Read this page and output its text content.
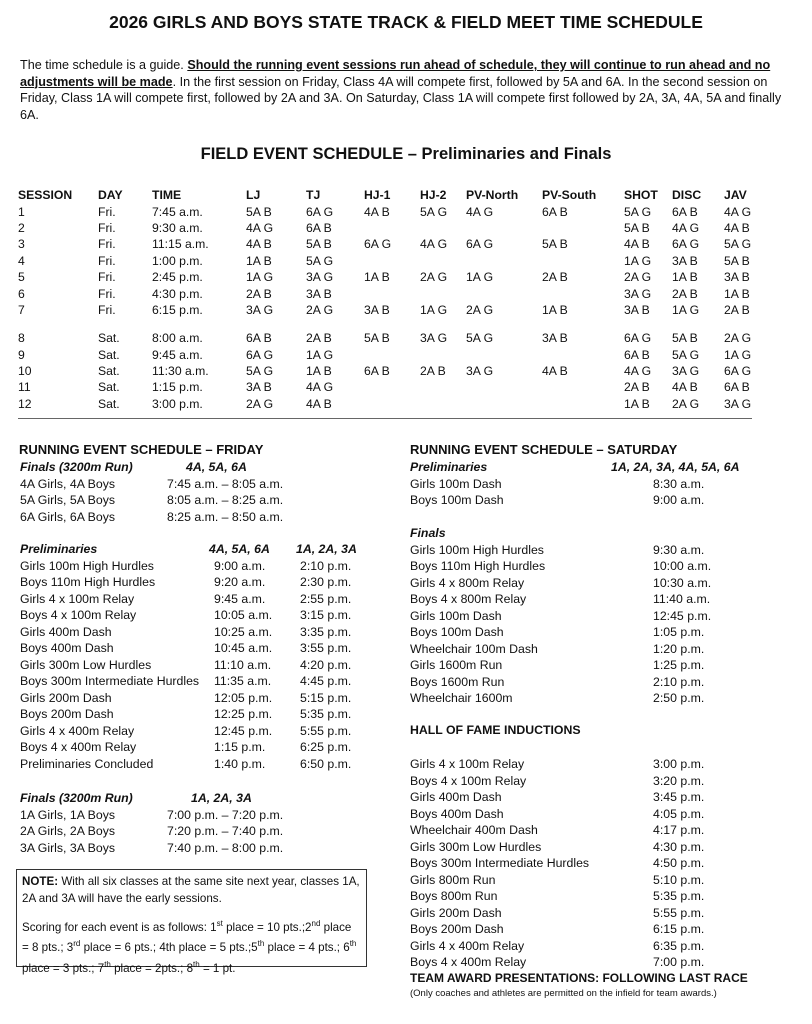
2026 GIRLS AND BOYS STATE TRACK & FIELD MEET TIME SCHEDULE
The time schedule is a guide. Should the running event sessions run ahead of schedule, they will continue to run ahead and no adjustments will be made. In the first session on Friday, Class 4A will compete first, followed by 5A and 6A. In the second session on Friday, Class 1A will compete first, followed by 2A and 3A. On Saturday, Class 1A will compete first followed by 2A, 3A, 4A, 5A and finally 6A.
FIELD EVENT SCHEDULE – Preliminaries and Finals
SESSION	DAY	TIME	LJ	TJ	HJ-1	HJ-2	PV-North	PV-South	SHOT	DISC	JAV
1	Fri.	7:45 a.m.	5A B	6A G	4A B	5A G	4A G	6A B	5A G	6A B	4A G
2	Fri.	9:30 a.m.	4A G	6A B					5A B	4A G	4A B
3	Fri.	11:15 a.m.	4A B	5A B	6A G	4A G	6A G	5A B	4A B	6A G	5A G
4	Fri.	1:00 p.m.	1A B	5A G					1A G	3A B	5A B
5	Fri.	2:45 p.m.	1A G	3A G	1A B	2A G	1A G	2A B	2A G	1A B	3A B
6	Fri.	4:30 p.m.	2A B	3A B					3A G	2A B	1A B
7	Fri.	6:15 p.m.	3A G	2A G	3A B	1A G	2A G	1A B	3A B	1A G	2A B

8	Sat.	8:00 a.m.	6A B	2A B	5A B	3A G	5A G	3A B	6A G	5A B	2A G
9	Sat.	9:45 a.m.	6A G	1A G					6A B	5A G	1A G
10	Sat.	11:30 a.m.	5A G	1A B	6A B	2A B	3A G	4A B	4A G	3A G	6A G
11	Sat.	1:15 p.m.	3A B	4A G					2A B	4A B	6A B
12	Sat.	3:00 p.m.	2A G	4A B					1A B	2A G	3A G
RUNNING EVENT SCHEDULE – FRIDAY
Finals (3200m Run)	4A, 5A, 6A
4A Girls, 4A Boys	7:45 a.m. – 8:05 a.m.
5A Girls, 5A Boys	8:05 a.m. – 8:25 a.m.
6A Girls, 6A Boys	8:25 a.m. – 8:50 a.m.
Preliminaries	4A, 5A, 6A 1A, 2A, 3A
Girls 100m High Hurdles	9:00 a.m.	2:10 p.m.
Boys 110m High Hurdles	9:20 a.m.	2:30 p.m.
Girls 4 x 100m Relay	9:45 a.m.	2:55 p.m.
Boys 4 x 100m Relay	10:05 a.m. 3:15 p.m.
Girls 400m Dash	10:25 a.m. 3:35 p.m.
Boys 400m Dash	10:45 a.m. 3:55 p.m.
Girls 300m Low Hurdles	11:10 a.m. 4:20 p.m.
Boys 300m Intermediate Hurdles 11:35 a.m. 4:45 p.m.
Girls 200m Dash	12:05 p.m. 5:15 p.m.
Boys 200m Dash	12:25 p.m. 5:35 p.m.
Girls 4 x 400m Relay	12:45 p.m. 5:55 p.m.
Boys 4 x 400m Relay	1:15 p.m.	6:25 p.m.
Preliminaries Concluded	1:40 p.m.	6:50 p.m.
Finals (3200m Run)	1A, 2A, 3A
1A Girls, 1A Boys	7:00 p.m. – 7:20 p.m.
2A Girls, 2A Boys	7:20 p.m. – 7:40 p.m.
3A Girls, 3A Boys	7:40 p.m. – 8:00 p.m.

NOTE: With all six classes at the same site next year, classes 1A, 2A and 3A will have the early sessions.

Scoring for each event is as follows: 1st place = 10 pts.;2nd place = 8 pts.; 3rd place = 6 pts.; 4th place = 5 pts.;5th place = 4 pts.; 6th place = 3 pts.; 7th place = 2pts.; 8th = 1 pt.

RUNNING EVENT SCHEDULE – SATURDAY
Preliminaries	1A, 2A, 3A, 4A, 5A, 6A
Girls 100m Dash	8:30 a.m.
Boys 100m Dash	9:00 a.m.
Finals
Girls 100m High Hurdles	9:30 a.m.
Boys 110m High Hurdles	10:00 a.m.
Girls 4 x 800m Relay	10:30 a.m.
Boys 4 x 800m Relay	11:40 a.m.
Girls 100m Dash	12:45 p.m.
Boys 100m Dash	1:05 p.m.
Wheelchair 100m Dash	1:20 p.m.
Girls 1600m Run	1:25 p.m.
Boys 1600m Run	2:10 p.m.
Wheelchair 1600m	2:50 p.m.
HALL OF FAME INDUCTIONS
Girls 4 x 100m Relay	3:00 p.m.
Boys 4 x 100m Relay	3:20 p.m.
Girls 400m Dash	3:45 p.m.
Boys 400m Dash	4:05 p.m.
Wheelchair 400m Dash	4:17 p.m.
Girls 300m Low Hurdles	4:30 p.m.
Boys 300m Intermediate Hurdles	4:50 p.m.
Girls 800m Run	5:10 p.m.
Boys 800m Run	5:35 p.m.
Girls 200m Dash	5:55 p.m.
Boys 200m Dash	6:15 p.m.
Girls 4 x 400m Relay	6:35 p.m.
Boys 4 x 400m Relay	7:00 p.m.
TEAM AWARD PRESENTATIONS: FOLLOWING LAST RACE
(Only coaches and athletes are permitted on the infield for team awards.)
